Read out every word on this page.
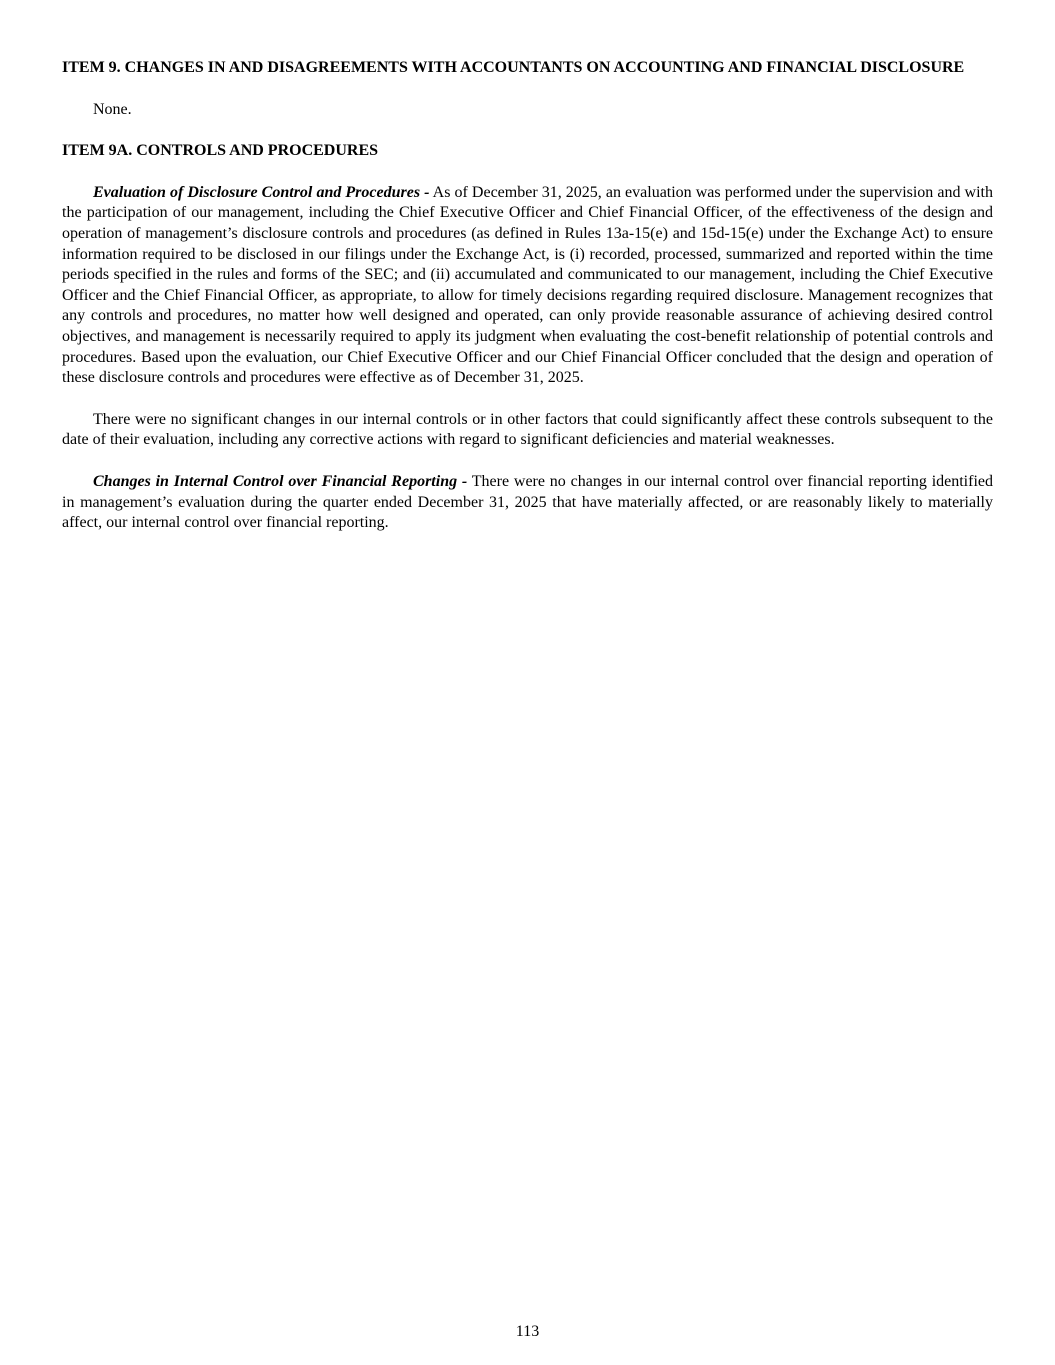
ITEM 9. CHANGES IN AND DISAGREEMENTS WITH ACCOUNTANTS ON ACCOUNTING AND FINANCIAL DISCLOSURE

None.

ITEM 9A. CONTROLS AND PROCEDURES

Evaluation of Disclosure Control and Procedures - As of December 31, 2025, an evaluation was performed under the supervision and with the participation of our management, including the Chief Executive Officer and Chief Financial Officer, of the effectiveness of the design and operation of management’s disclosure controls and procedures (as defined in Rules 13a-15(e) and 15d-15(e) under the Exchange Act) to ensure information required to be disclosed in our filings under the Exchange Act, is (i) recorded, processed, summarized and reported within the time periods specified in the rules and forms of the SEC; and (ii) accumulated and communicated to our management, including the Chief Executive Officer and the Chief Financial Officer, as appropriate, to allow for timely decisions regarding required disclosure. Management recognizes that any controls and procedures, no matter how well designed and operated, can only provide reasonable assurance of achieving desired control objectives, and management is necessarily required to apply its judgment when evaluating the cost-benefit relationship of potential controls and procedures. Based upon the evaluation, our Chief Executive Officer and our Chief Financial Officer concluded that the design and operation of these disclosure controls and procedures were effective as of December 31, 2025.

There were no significant changes in our internal controls or in other factors that could significantly affect these controls subsequent to the date of their evaluation, including any corrective actions with regard to significant deficiencies and material weaknesses.

Changes in Internal Control over Financial Reporting - There were no changes in our internal control over financial reporting identified in management’s evaluation during the quarter ended December 31, 2025 that have materially affected, or are reasonably likely to materially affect, our internal control over financial reporting.

113
